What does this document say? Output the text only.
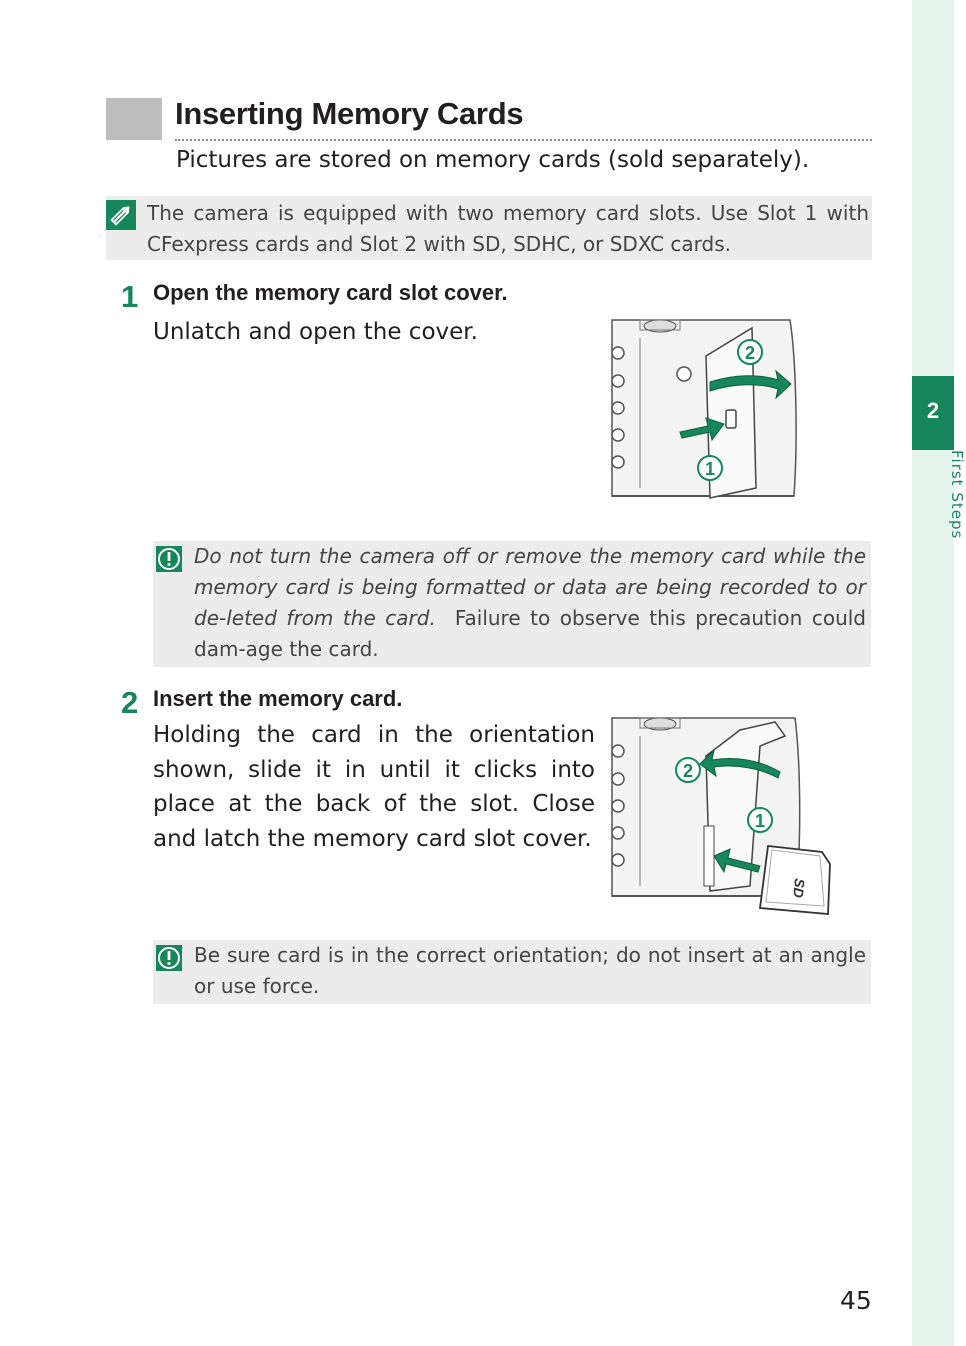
2
First Steps
Inserting Memory Cards
Pictures are stored on memory cards (sold separately).
The camera is equipped with two memory card slots. Use Slot 1 with CFexpress cards and Slot 2 with SD, SDHC, or SDXC cards.
1 Open the memory card slot cover.
Unlatch and open the cover.
2
1
Do not turn the camera off or remove the memory card while the memory card is being formatted or data are being recorded to or de-leted from the card. Failure to observe this precaution could dam-age the card.
2 Insert the memory card.
Holding the card in the orientation shown, slide it in until it clicks into place at the back of the slot. Close and latch the memory card slot cover.
SD
2
1
Be sure card is in the correct orientation; do not insert at an angle or use force.
45
